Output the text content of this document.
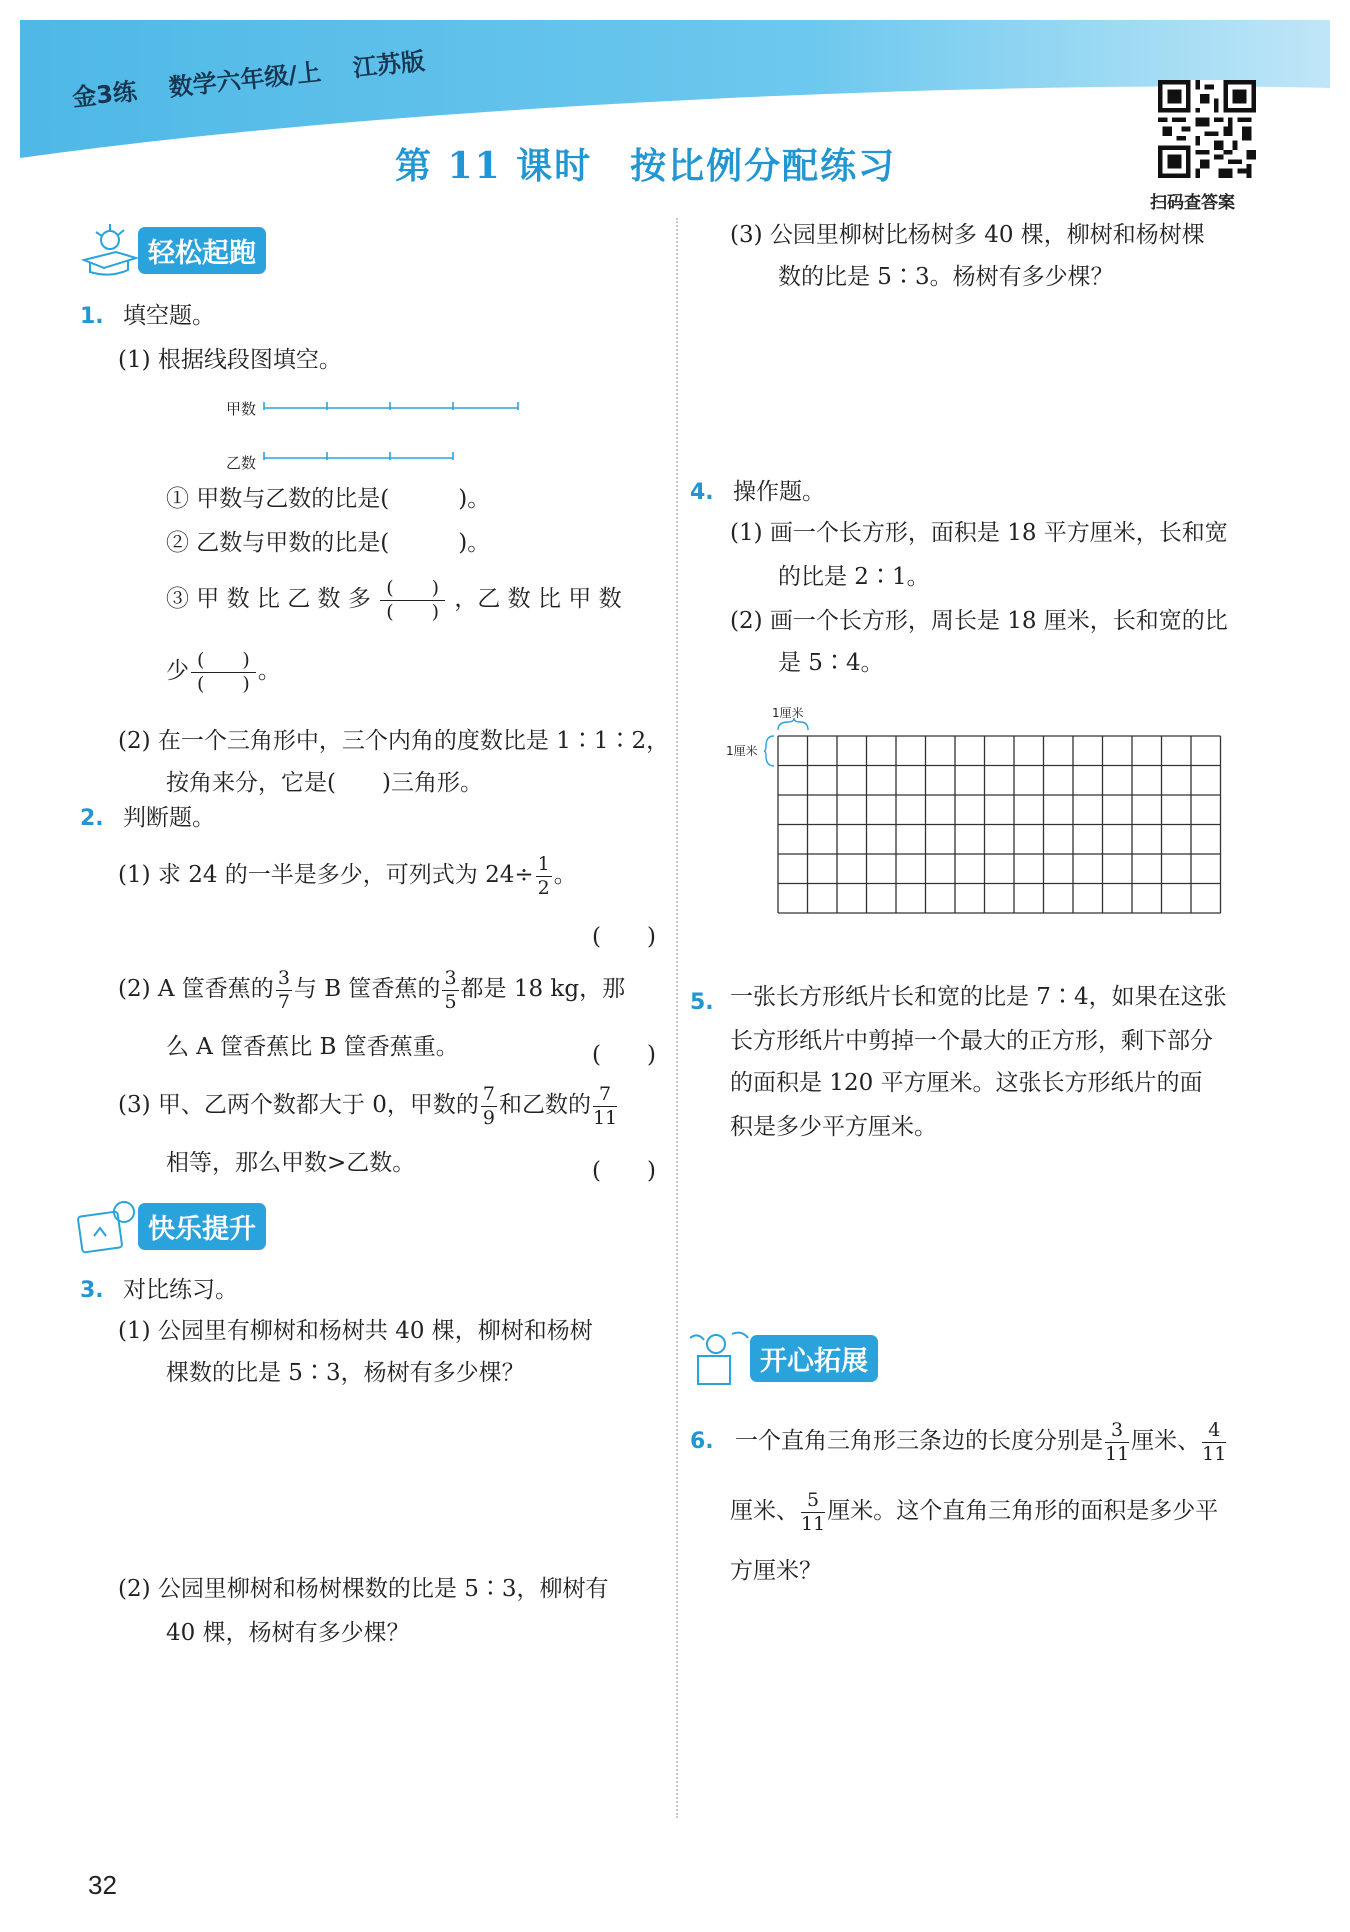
金3练 数学六年级/上 江苏版
第 11 课时　按比例分配练习
扫码查答案
轻松起跑
1. 填空题。
(1) 根据线段图填空。
甲数
乙数
① 甲数与乙数的比是(　　　)。
② 乙数与甲数的比是(　　　)。
③ 甲 数 比 乙 数 多 $\frac{( )}{( )}$ ，乙 数 比 甲 数
少 $\frac{( )}{( )}$ 。
(2) 在一个三角形中，三个内角的度数比是 1∶1∶2，
按角来分，它是(　　)三角形。
2. 判断题。
(1) 求 24 的一半是多少，可列式为 $24\div \frac{1}{2}$ 。
(　　)
(2) A 筐香蕉的 $\frac{3}{7}$ 与 B 筐香蕉的 $\frac{3}{5}$ 都是 18 kg，那
么 A 筐香蕉比 B 筐香蕉重。	(　　)
(3) 甲、乙两个数都大于 0，甲数的 $\frac{7}{9}$ 和乙数的 $\frac{7}{11}$
相等，那么甲数>乙数。	(　　)
快乐提升
3. 对比练习。
(1) 公园里有柳树和杨树共 40 棵，柳树和杨树
棵数的比是 5∶3，杨树有多少棵？
(2) 公园里柳树和杨树棵数的比是 5∶3，柳树有
40 棵，杨树有多少棵？
(3) 公园里柳树比杨树多 40 棵，柳树和杨树棵
数的比是 5∶3。杨树有多少棵？
4. 操作题。
(1) 画一个长方形，面积是 18 平方厘米，长和宽
的比是 2∶1。
(2) 画一个长方形，周长是 18 厘米，长和宽的比
是 5∶4。
1厘米
1厘米
5. 一张长方形纸片长和宽的比是 7∶4，如果在这张
长方形纸片中剪掉一个最大的正方形，剩下部分
的面积是 120 平方厘米。这张长方形纸片的面
积是多少平方厘米。
开心拓展
6. 一个直角三角形三条边的长度分别是 $\frac{3}{11}$ 厘米、 $\frac{4}{11}$
厘米、 $\frac{5}{11}$ 厘米。这个直角三角形的面积是多少平
方厘米？
32
